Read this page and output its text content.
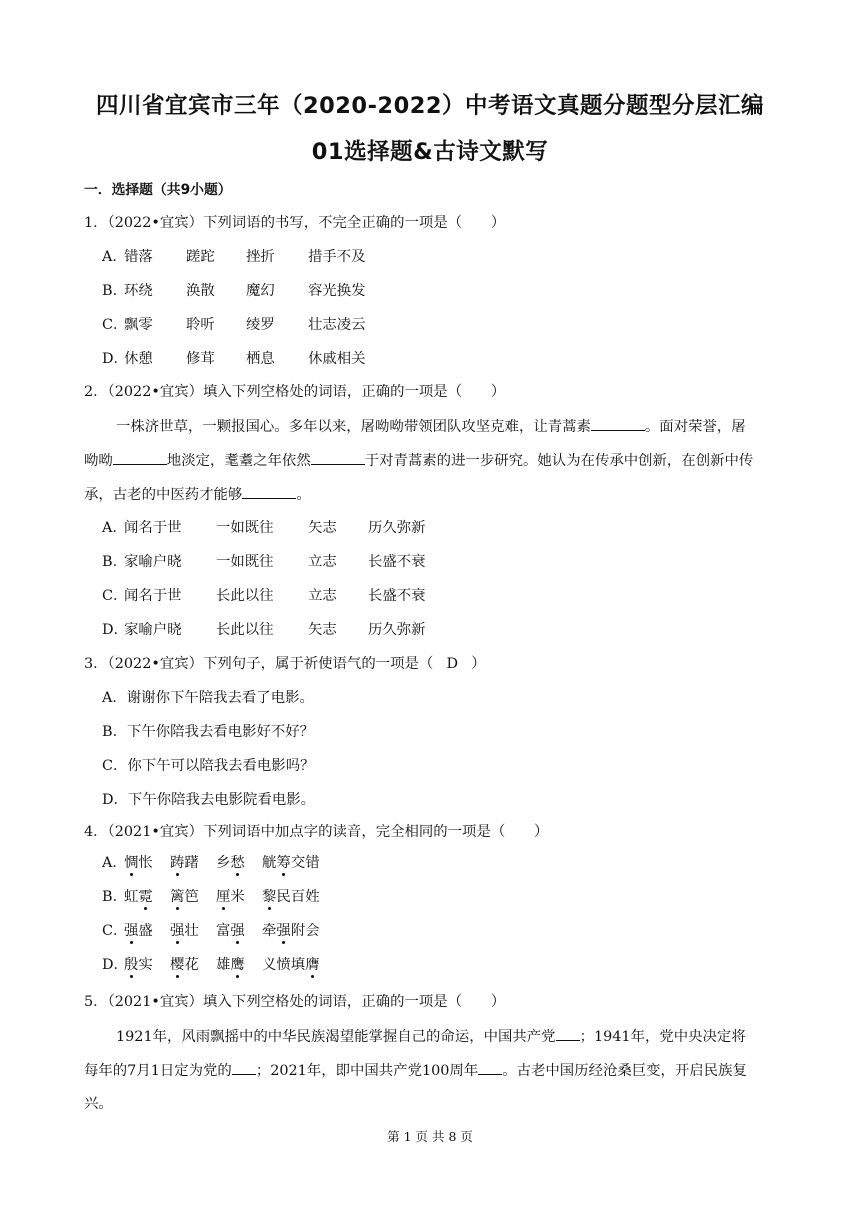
四川省宜宾市三年（2020-2022）中考语文真题分题型分层汇编
01选择题&古诗文默写
一．选择题（共9小题）
1．（2022•宜宾）下列词语的书写，不完全正确的一项是（　　）
A．
错落 蹉跎 挫折 措手不及
B．
环绕 涣散 魔幻 容光换发
C．
飘零 聆听 绫罗 壮志凌云
D．
休憩 修茸 栖息 休戚相关
2．（2022•宜宾）填入下列空格处的词语，正确的一项是（　　）
一株济世草，一颗报国心。多年以来，屠呦呦带领团队攻坚克难，让青蒿素	。面对荣誉，屠
呦呦	地淡定，耄耋之年依然	于对青蒿素的进一步研究。她认为在传承中创新，在创新中传
承，古老的中医药才能够	。
A．
闻名于世 一如既往 矢志 历久弥新
B．
家喻户晓 一如既往 立志 长盛不衰
C．
闻名于世 长此以往 立志 长盛不衰
D．
家喻户晓 长此以往 矢志 历久弥新
3．（2022•宜宾）下列句子，属于祈使语气的一项是（ D ）
A．谢谢你下午陪我去看了电影。
B．下午你陪我去看电影好不好？
C．你下午可以陪我去看电影吗？
D．下午你陪我去电影院看电影。
4．（2021•宜宾）下列词语中加点字的读音，完全相同的一项是（　　）
A．
惆怅 踌躇 乡愁 觥筹交错
B．
虹霓 篱笆 厘米 黎民百姓
C．
强盛 强壮 富强 牵强附会
D．
殷实 樱花 雄鹰 义愤填膺
5．（2021•宜宾）填入下列空格处的词语，正确的一项是（　　）
1921年，风雨飘摇中的中华民族渴望能掌握自己的命运，中国共产党 ；1941年，党中央决定将
每年的7月1日定为党的 ；2021年，即中国共产党100周年 。古老中国历经沧桑巨变，开启民族复
兴。
第 1 页 共 8 页
